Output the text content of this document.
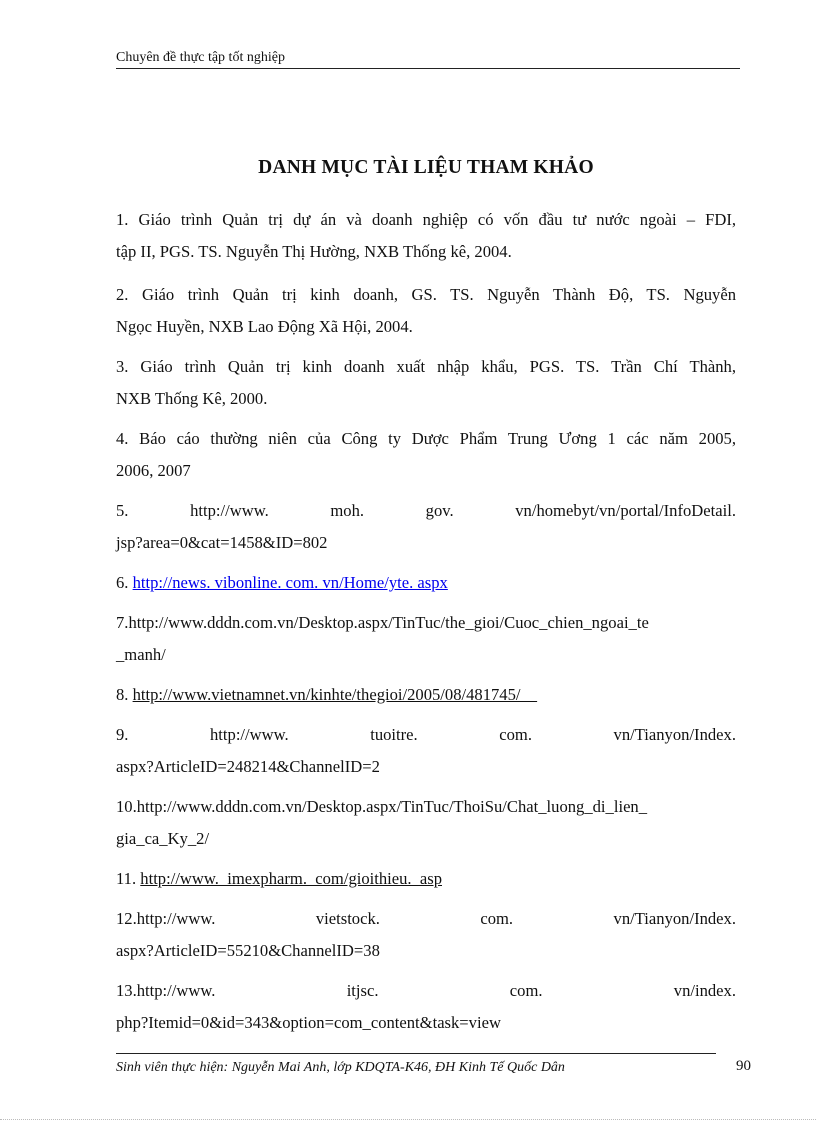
Chuyên đề thực tập tốt nghiệp
DANH MỤC TÀI LIỆU THAM KHẢO
1. Giáo trình Quản trị dự án và doanh nghiệp có vốn đầu tư nước ngoài – FDI,
tập II, PGS. TS. Nguyễn Thị Hường, NXB Thống kê, 2004.
2. Giáo trình Quản trị kinh doanh, GS. TS. Nguyễn Thành Độ, TS. Nguyễn
Ngọc Huyền, NXB Lao Động Xã Hội, 2004.
3. Giáo trình Quản trị kinh doanh xuất nhập khẩu, PGS. TS. Trần Chí Thành,
NXB Thống Kê, 2000.
4. Báo cáo thường niên của Công ty Dược Phẩm Trung Ương 1 các năm 2005,
2006, 2007
5. http://www. moh. gov. vn/homebyt/vn/portal/InfoDetail.
jsp?area=0&cat=1458&ID=802
6. http://news. vibonline. com. vn/Home/yte. aspx
7.http://www.dddn.com.vn/Desktop.aspx/TinTuc/the_gioi/Cuoc_chien_ngoai_te
_manh/
8. http://www.vietnamnet.vn/kinhte/thegioi/2005/08/481745/
9. http://www. tuoitre. com. vn/Tianyon/Index.
aspx?ArticleID=248214&ChannelID=2
10.http://www.dddn.com.vn/Desktop.aspx/TinTuc/ThoiSu/Chat_luong_di_lien_
gia_ca_Ky_2/
11. http://www.  imexpharm.  com/gioithieu.  asp
12.http://www. vietstock. com. vn/Tianyon/Index.
aspx?ArticleID=55210&ChannelID=38
13.http://www. itjsc. com. vn/index.
php?Itemid=0&id=343&option=com_content&task=view
Sinh viên thực hiện: Nguyễn Mai Anh, lớp KDQTA-K46, ĐH Kinh Tế Quốc Dân	90
